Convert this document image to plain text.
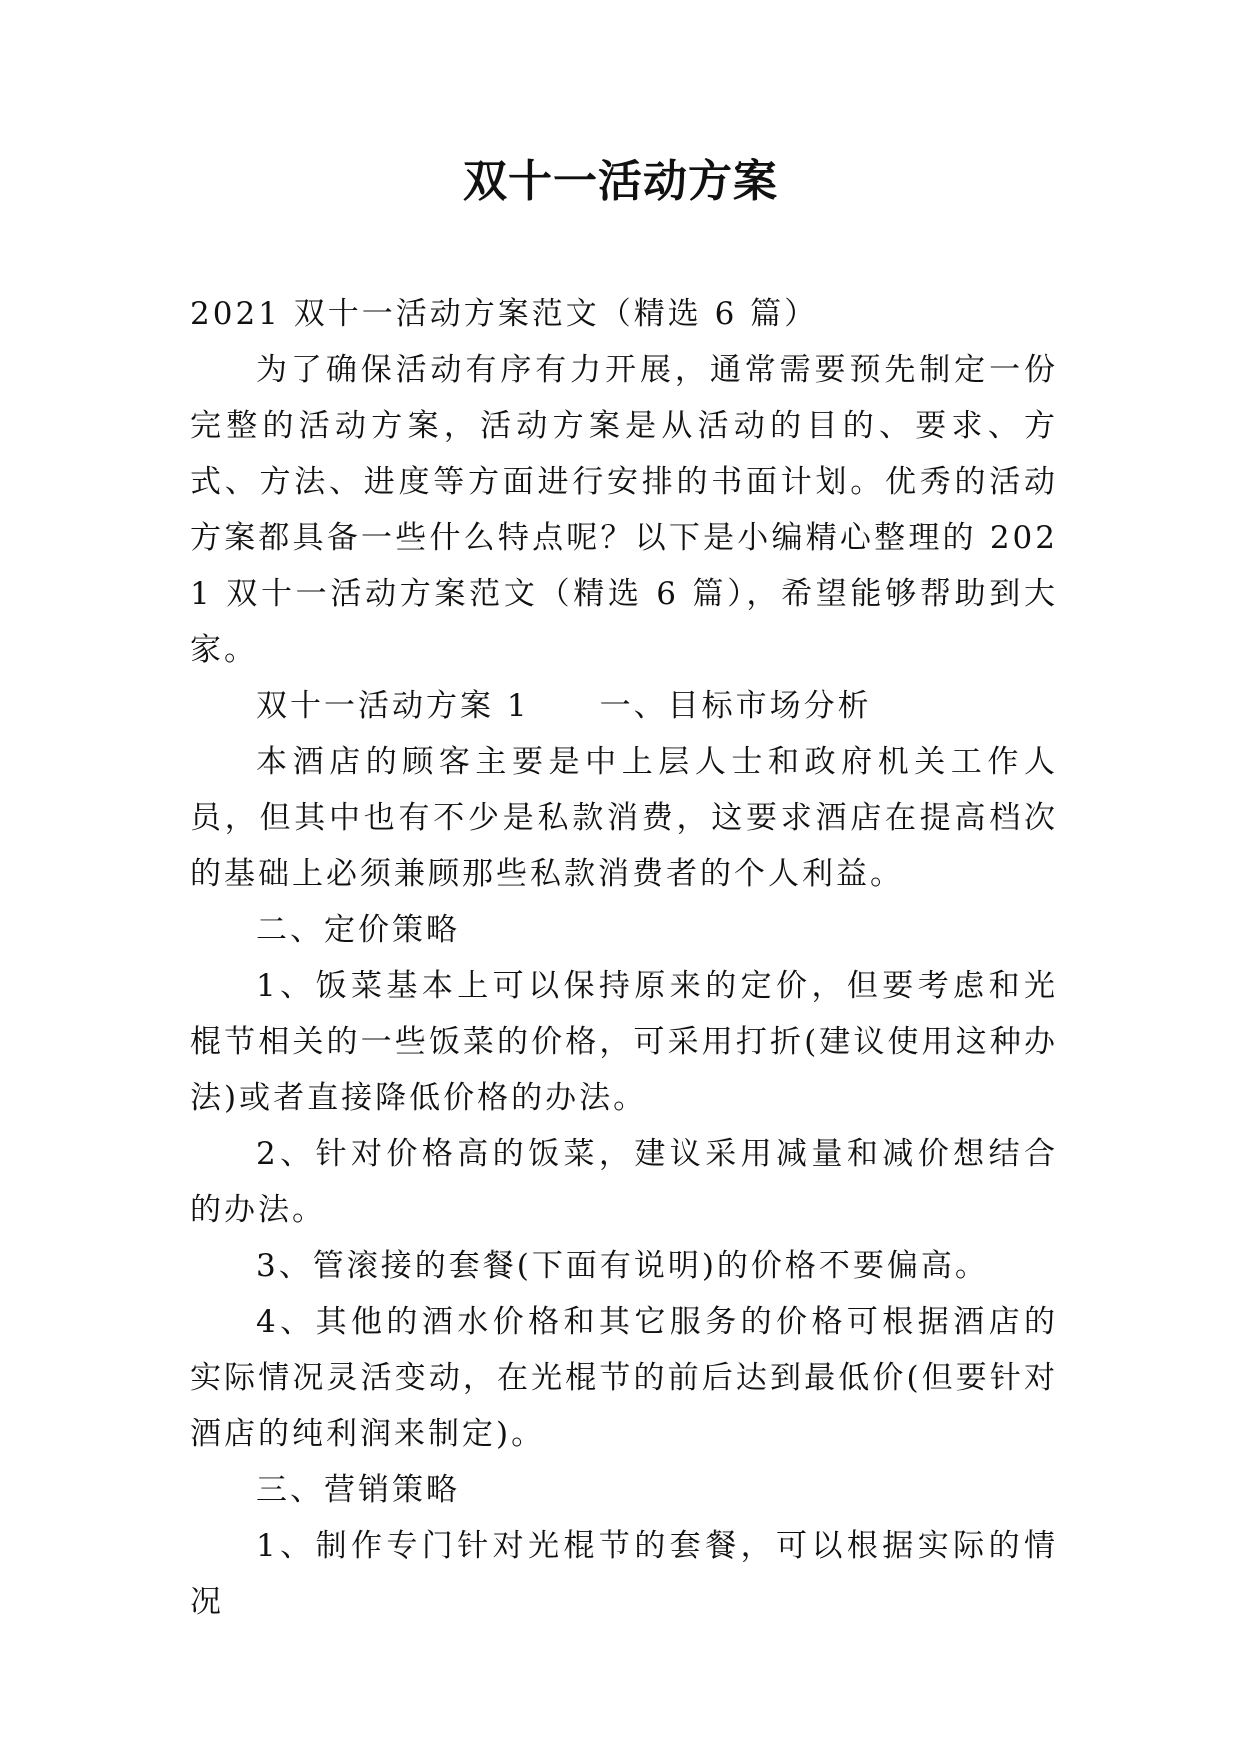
双十一活动方案

2021 双十一活动方案范文（精选 6 篇）

为了确保活动有序有力开展，通常需要预先制定一份完整的活动方案，活动方案是从活动的目的、要求、方式、方法、进度等方面进行安排的书面计划。优秀的活动方案都具备一些什么特点呢？以下是小编精心整理的 2021 双十一活动方案范文（精选 6 篇），希望能够帮助到大家。

双十一活动方案 1 一、目标市场分析

本酒店的顾客主要是中上层人士和政府机关工作人员，但其中也有不少是私款消费，这要求酒店在提高档次的基础上必须兼顾那些私款消费者的个人利益。

二、定价策略

1、饭菜基本上可以保持原来的定价，但要考虑和光棍节相关的一些饭菜的价格，可采用打折(建议使用这种办法)或者直接降低价格的办法。

2、针对价格高的饭菜，建议采用减量和减价想结合的办法。

3、管滚接的套餐(下面有说明)的价格不要偏高。

4、其他的酒水价格和其它服务的价格可根据酒店的实际情况灵活变动，在光棍节的前后达到最低价(但要针对酒店的纯利润来制定)。

三、营销策略

1、制作专门针对光棍节的套餐，可以根据实际的情况
